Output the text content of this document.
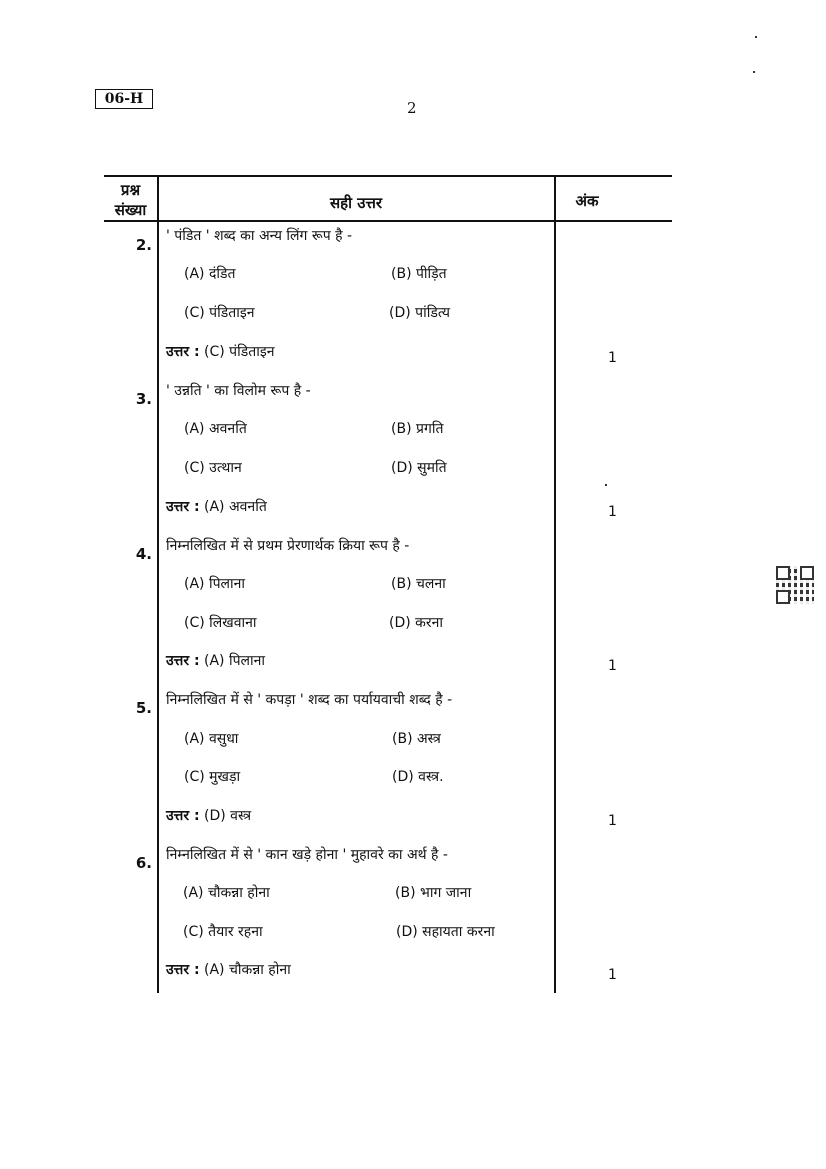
06-H	2
प्रश्न
संख्या	सही उत्तर	अंक
2. ' पंडित ' शब्द का अन्य लिंग रूप है -
(A) दंडित	(B) पीड़ित
(C) पंडिताइन	(D) पांडित्य
उत्तर : (C) पंडिताइन	1
3. ' उन्नति ' का विलोम रूप है -
(A) अवनति	(B) प्रगति
(C) उत्थान	(D) सुमति
उत्तर : (A) अवनति	1
4. निम्नलिखित में से प्रथम प्रेरणार्थक क्रिया रूप है -
(A) पिलाना	(B) चलना
(C) लिखवाना	(D) करना
उत्तर : (A) पिलाना	1
5. निम्नलिखित में से ' कपड़ा ' शब्द का पर्यायवाची शब्द है -
(A) वसुधा	(B) अस्त्र
(C) मुखड़ा	(D) वस्त्र.
उत्तर : (D) वस्त्र	1
6. निम्नलिखित में से ' कान खड़े होना ' मुहावरे का अर्थ है -
(A) चौकन्ना होना	(B) भाग जाना
(C) तैयार रहना	(D) सहायता करना
उत्तर : (A) चौकन्ना होना	1
